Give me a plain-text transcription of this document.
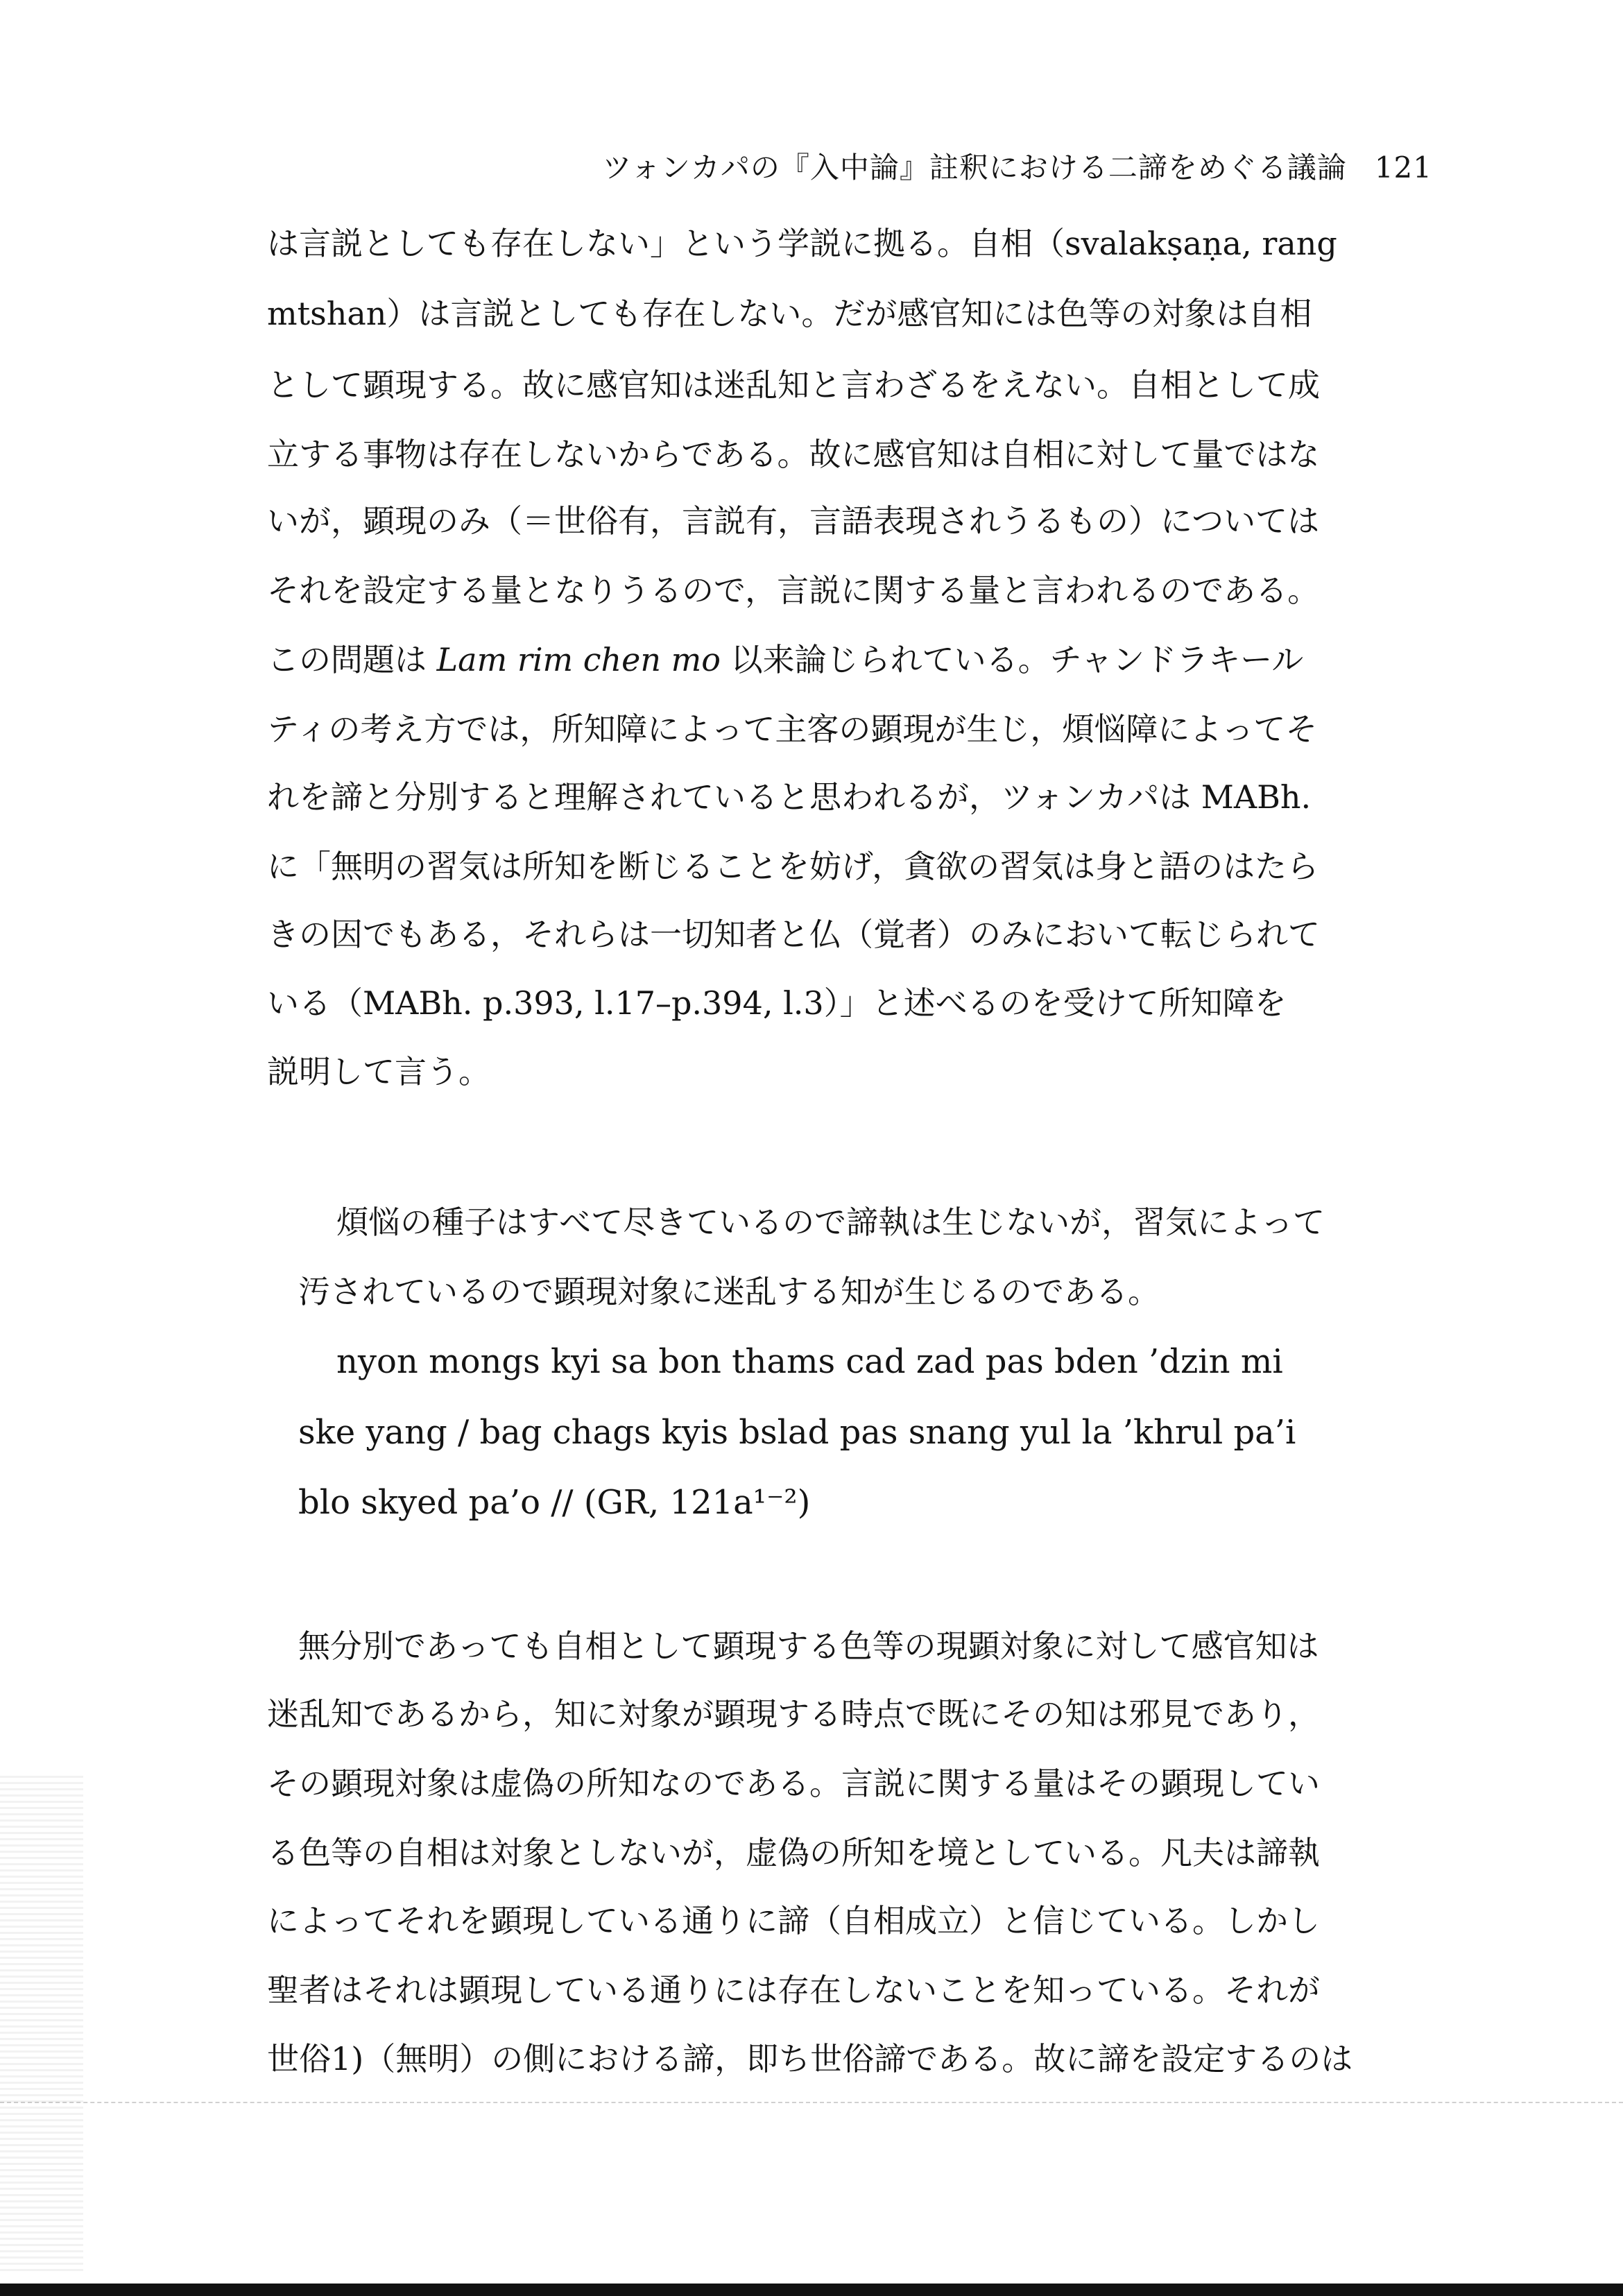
ツォンカパの『入中論』註釈における二諦をめぐる議論 121
は言説としても存在しない」という学説に拠る。自相（svalakṣaṇa, rang
mtshan）は言説としても存在しない。だが感官知には色等の対象は自相
として顕現する。故に感官知は迷乱知と言わざるをえない。自相として成
立する事物は存在しないからである。故に感官知は自相に対して量ではな
いが，顕現のみ（＝世俗有，言説有，言語表現されうるもの）については
それを設定する量となりうるので，言説に関する量と言われるのである。
この問題は Lam rim chen mo 以来論じられている。チャンドラキール
ティの考え方では，所知障によって主客の顕現が生じ，煩悩障によってそ
れを諦と分別すると理解されていると思われるが，ツォンカパは MABh.
に「無明の習気は所知を断じることを妨げ，貪欲の習気は身と語のはたら
きの因でもある，それらは一切知者と仏（覚者）のみにおいて転じられて
いる（MABh. p.393, l.17–p.394, l.3）」と述べるのを受けて所知障を
説明して言う。
煩悩の種子はすべて尽きているので諦執は生じないが，習気によって
汚されているので顕現対象に迷乱する知が生じるのである。
nyon mongs kyi sa bon thams cad zad pas bden ’dzin mi
ske yang / bag chags kyis bslad pas snang yul la ’khrul pa’i
blo skyed pa’o // (GR, 121a¹⁻²)
無分別であっても自相として顕現する色等の現顕対象に対して感官知は
迷乱知であるから，知に対象が顕現する時点で既にその知は邪見であり，
その顕現対象は虚偽の所知なのである。言説に関する量はその顕現してい
る色等の自相は対象としないが，虚偽の所知を境としている。凡夫は諦執
によってそれを顕現している通りに諦（自相成立）と信じている。しかし
聖者はそれは顕現している通りには存在しないことを知っている。それが
世俗1)（無明）の側における諦，即ち世俗諦である。故に諦を設定するのは
